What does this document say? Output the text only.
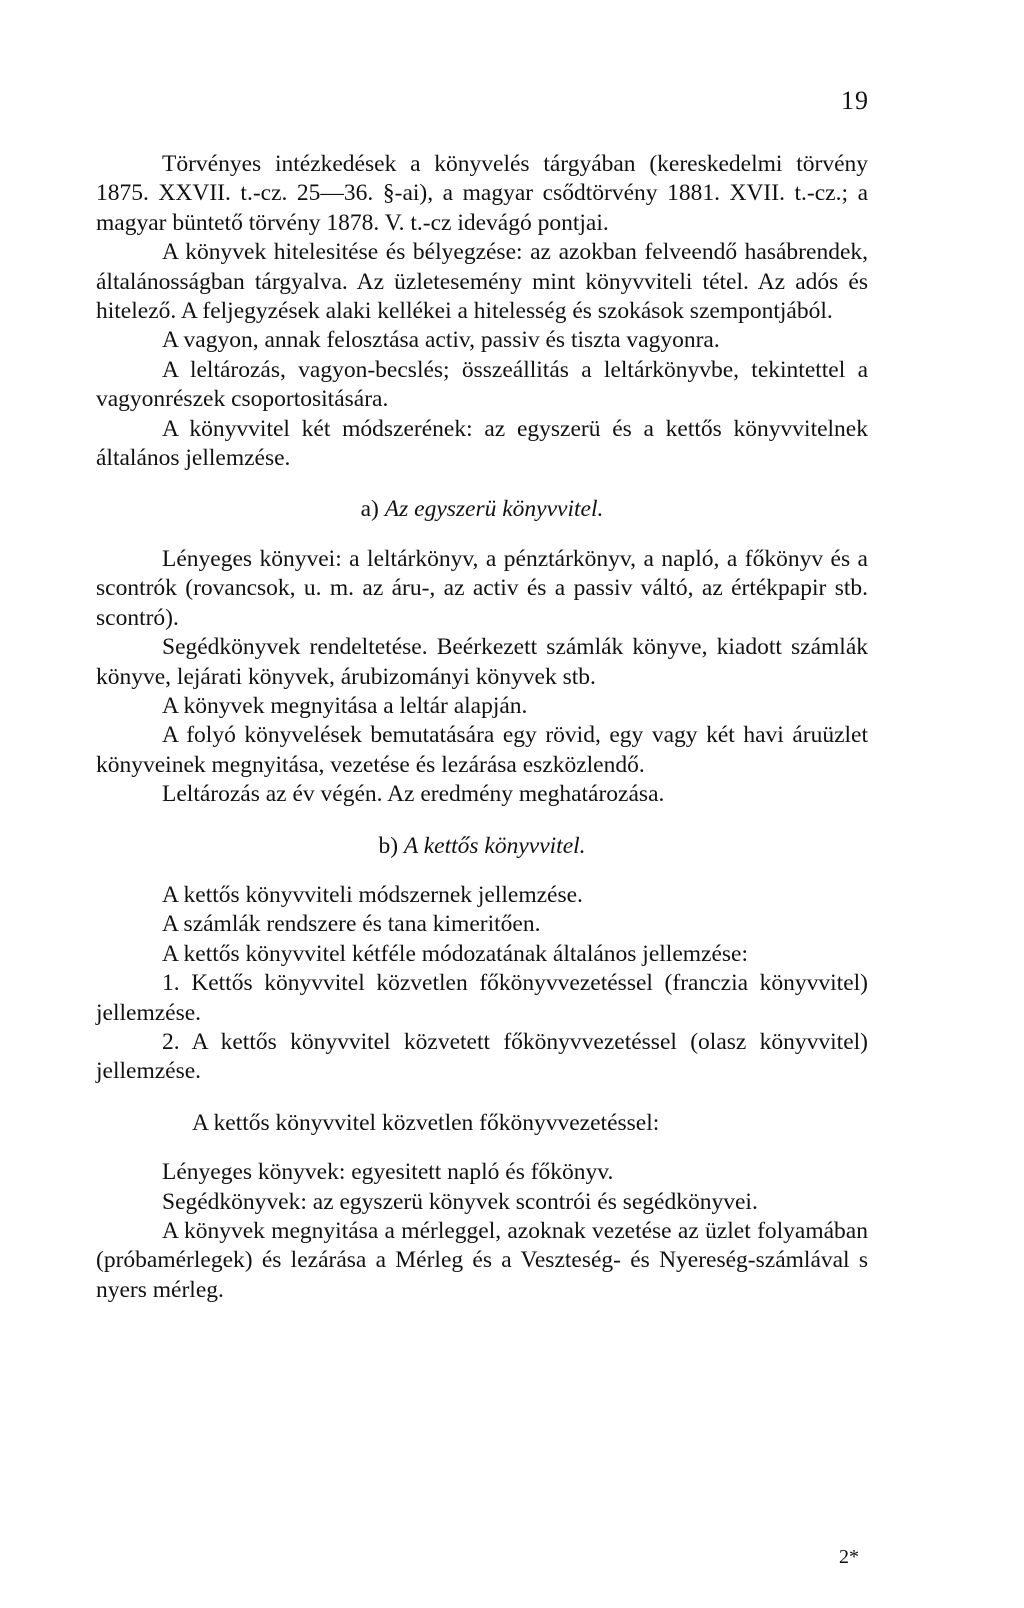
19

Törvényes intézkedések a könyvelés tárgyában (kereskedelmi törvény 1875. XXVII. t.-cz. 25—36. §-ai), a magyar csődtörvény 1881. XVII. t.-cz.; a magyar büntető törvény 1878. V. t.-cz idevágó pontjai.

A könyvek hitelesitése és bélyegzése: az azokban felveendő hasábrendek, általánosságban tárgyalva. Az üzletesemény mint könyvviteli tétel. Az adós és hitelező. A feljegyzések alaki kellékei a hitelesség és szokások szempontjából.

A vagyon, annak felosztása activ, passiv és tiszta vagyonra.

A leltározás, vagyon-becslés; összeállitás a leltárkönyvbe, tekintettel a vagyonrészek csoportositására.

A könyvvitel két módszerének: az egyszerü és a kettős könyvvitelnek általános jellemzése.

a) Az egyszerü könyvvitel.

Lényeges könyvei: a leltárkönyv, a pénztárkönyv, a napló, a főkönyv és a scontrók (rovancsok, u. m. az áru-, az activ és a passiv váltó, az értékpapir stb. scontró).

Segédkönyvek rendeltetése. Beérkezett számlák könyve, kiadott számlák könyve, lejárati könyvek, árubizományi könyvek stb.

A könyvek megnyitása a leltár alapján.

A folyó könyvelések bemutatására egy rövid, egy vagy két havi áruüzlet könyveinek megnyitása, vezetése és lezárása eszközlendő.

Leltározás az év végén. Az eredmény meghatározása.

b) A kettős könyvvitel.

A kettős könyvviteli módszernek jellemzése.

A számlák rendszere és tana kimeritően.

A kettős könyvvitel kétféle módozatának általános jellemzése:

1. Kettős könyvvitel közvetlen főkönyvvezetéssel (franczia könyvvitel) jellemzése.

2. A kettős könyvvitel közvetett főkönyvvezetéssel (olasz könyvvitel) jellemzése.

A kettős könyvvitel közvetlen főkönyvvezetéssel:

Lényeges könyvek: egyesitett napló és főkönyv.

Segédkönyvek: az egyszerü könyvek scontrói és segédkönyvei.

A könyvek megnyitása a mérleggel, azoknak vezetése az üzlet folyamában (próbamérlegek) és lezárása a Mérleg és a Veszteség- és Nyereség-számlával s nyers mérleg.

2*
